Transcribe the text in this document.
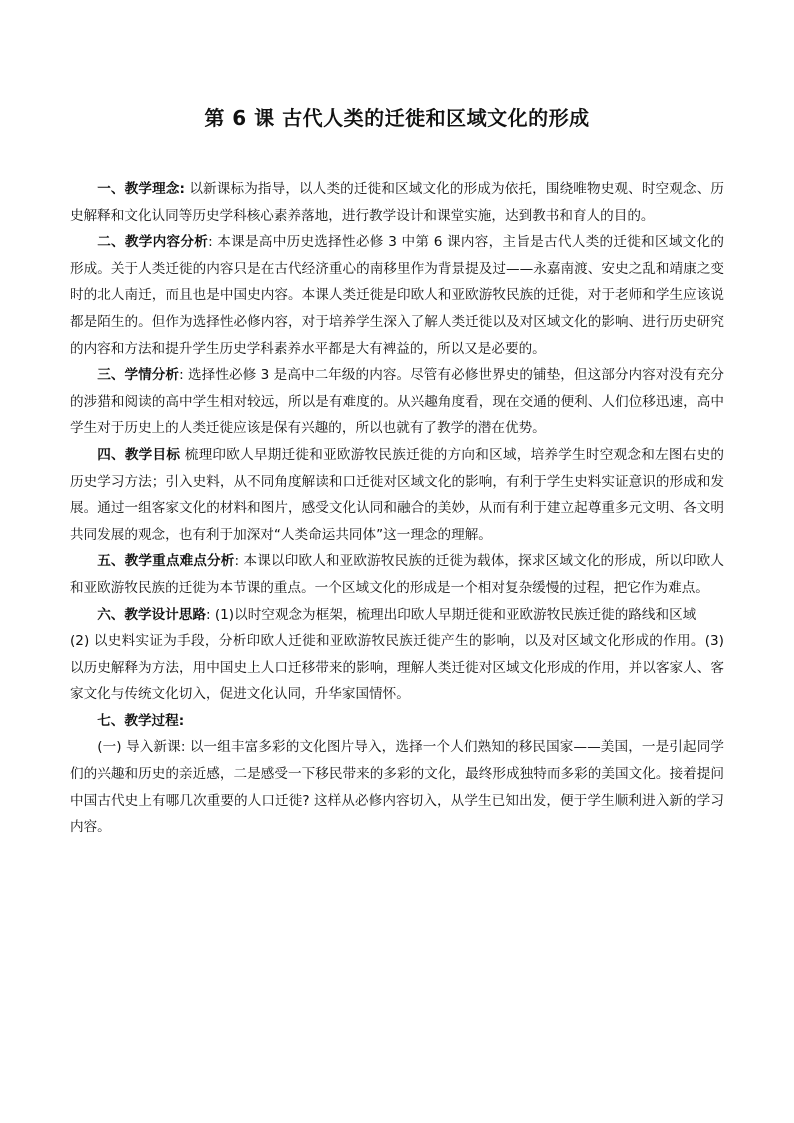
第 6 课 古代人类的迁徙和区域文化的形成

一、教学理念: 以新课标为指导，以人类的迁徙和区域文化的形成为依托，围绕唯物史观、时空观念、历史解释和文化认同等历史学科核心素养落地，进行教学设计和课堂实施，达到教书和育人的目的。

二、教学内容分析: 本课是高中历史选择性必修 3 中第 6 课内容，主旨是古代人类的迁徙和区域文化的形成。关于人类迁徙的内容只是在古代经济重心的南移里作为背景提及过——永嘉南渡、安史之乱和靖康之变时的北人南迁，而且也是中国史内容。本课人类迁徙是印欧人和亚欧游牧民族的迁徙，对于老师和学生应该说都是陌生的。但作为选择性必修内容，对于培养学生深入了解人类迁徙以及对区域文化的影响、进行历史研究的内容和方法和提升学生历史学科素养水平都是大有裨益的，所以又是必要的。

三、学情分析: 选择性必修 3 是高中二年级的内容。尽管有必修世界史的铺垫，但这部分内容对没有充分的涉猎和阅读的高中学生相对较远，所以是有难度的。从兴趣角度看，现在交通的便利、人们位移迅速，高中学生对于历史上的人类迁徙应该是保有兴趣的，所以也就有了教学的潜在优势。

四、教学目标 梳理印欧人早期迁徙和亚欧游牧民族迁徙的方向和区域，培养学生时空观念和左图右史的历史学习方法；引入史料，从不同角度解读和口迁徙对区域文化的影响，有利于学生史料实证意识的形成和发展。通过一组客家文化的材料和图片，感受文化认同和融合的美妙，从而有利于建立起尊重多元文明、各文明共同发展的观念，也有利于加深对“人类命运共同体”这一理念的理解。

五、教学重点难点分析: 本课以印欧人和亚欧游牧民族的迁徙为载体，探求区域文化的形成，所以印欧人和亚欧游牧民族的迁徙为本节课的重点。一个区域文化的形成是一个相对复杂缓慢的过程，把它作为难点。

六、教学设计思路: (1)以时空观念为框架，梳理出印欧人早期迁徙和亚欧游牧民族迁徙的路线和区域

(2) 以史料实证为手段，分析印欧人迁徙和亚欧游牧民族迁徙产生的影响，以及对区域文化形成的作用。(3) 以历史解释为方法，用中国史上人口迁移带来的影响，理解人类迁徙对区域文化形成的作用，并以客家人、客家文化与传统文化切入，促进文化认同，升华家国情怀。

七、教学过程:

(一) 导入新课: 以一组丰富多彩的文化图片导入，选择一个人们熟知的移民国家——美国，一是引起同学们的兴趣和历史的亲近感，二是感受一下移民带来的多彩的文化，最终形成独特而多彩的美国文化。接着提问中国古代史上有哪几次重要的人口迁徙? 这样从必修内容切入，从学生已知出发，便于学生顺利进入新的学习内容。
